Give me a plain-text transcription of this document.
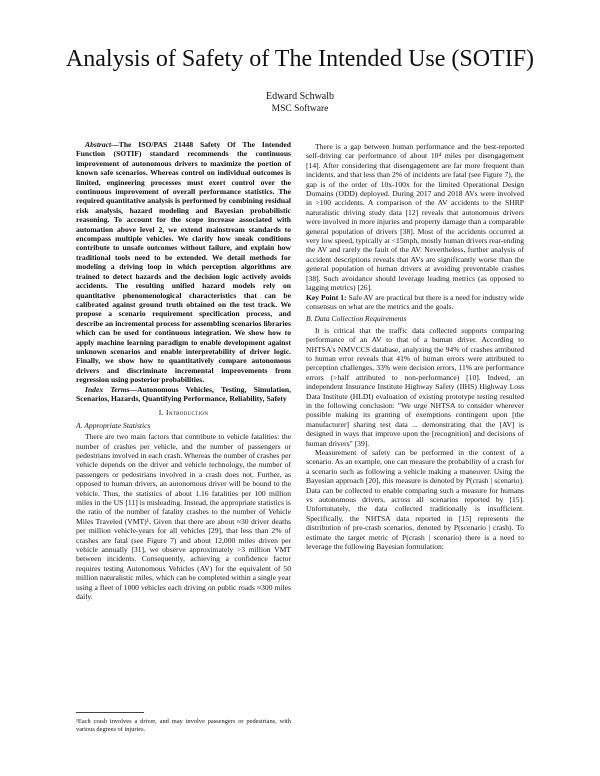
Analysis of Safety of The Intended Use (SOTIF)
Edward Schwalb
MSC Software

Abstract—The ISO/PAS 21448 Safety Of The Intended Function (SOTIF) standard recommends the continuous improvement of autonomous drivers to maximize the portion of known safe scenarios. Whereas control on individual outcomes is limited, engineering processes must exert control over the continuous improvement of overall performance statistics. The required quantitative analysis is performed by combining residual risk analysis, hazard modeling and Bayesian probabilistic reasoning. To account for the scope increase associated with automation above level 2, we extend mainstream standards to encompass multiple vehicles. We clarify how sneak conditions contribute to unsafe outcomes without failure, and explain how traditional tools need to be extended. We detail methods for modeling a driving loop in which perception algorithms are trained to detect hazards and the decision logic actively avoids accidents. The resulting unified hazard models rely on quantitative phenomenological characteristics that can be calibrated against ground truth obtained on the test track. We propose a scenario requirement specification process, and describe an incremental process for assembling scenarios libraries which can be used for continuous integration. We show how to apply machine learning paradigm to enable development against unknown scenarios and enable interpretability of driver logic. Finally, we show how to quantitatively compare autonomous drivers and discriminate incremental improvements from regression using posterior probabilities.

Index Terms—Autonomous Vehicles, Testing, Simulation, Scenarios, Hazards, Quantifying Performance, Reliability, Safety

I. Introduction
A. Appropriate Statistics

There are two main factors that contribute to vehicle fatalities: the number of crashes per vehicle, and the number of passengers or pedestrians involved in each crash. Whereas the number of crashes per vehicle depends on the driver and vehicle technology, the number of passengers or pedestrians involved in a crash does not. Further, as opposed to human drivers, an autonomous driver will be bound to the vehicle. Thus, the statistics of about 1.16 fatalities per 100 million miles in the US [11] is misleading. Instead, the appropriate statistics is the ratio of the number of fatality crashes to the number of Vehicle Miles Traveled (VMT)¹. Given that there are about ≈30 driver deaths per million vehicle-years for all vehicles [29], that less than 2% of crashes are fatal (see Figure 7) and about 12,000 miles driven per vehicle annually [31], we observe approximately >3 million VMT between incidents. Consequently, achieving a confidence factor requires testing Autonomous Vehicles (AV) for the equivalent of 50 million naturalistic miles, which can be completed within a single year using a fleet of 1000 vehicles each driving on public roads ≈300 miles daily.

¹Each crash involves a driver, and may involve passengers or pedestrians, with various degrees of injuries.

There is a gap between human performance and the best-reported self-driving car performance of about 10⁴ miles per disengagement [14]. After considering that disengagement are far more frequent than incidents, and that less than 2% of incidents are fatal (see Figure 7), the gap is of the order of 10x-100x for the limited Operational Design Domains (ODD) deployed. During 2017 and 2018 AVs were involved in >100 accidents. A comparison of the AV accidents to the SHRP naturalistic driving study data [12] reveals that autonomous drivers were involved in more injuries and property damage than a comparable general population of drivers [38]. Most of the accidents occurred at very low speed, typically at <15mph, mostly human drivers rear-ending the AV and rarely the fault of the AV. Nevertheless, further analysis of accident descriptions reveals that AVs are significantly worse than the general population of human drivers at avoiding preventable crashes [38]. Such avoidance should leverage leading metrics (as opposed to lagging metrics) [26].

Key Point 1: Safe AV are practical but there is a need for industry wide consensus on what are the metrics and the goals.

B. Data Collection Requirements

It is critical that the traffic data collected supports comparing performance of an AV to that of a human driver. According to NHTSA's NMVCCS database, analyzing the 94% of crashes attributed to human error reveals that 41% of human errors were attributed to perception challenges, 33% were decision errors, 11% are performance errors (>half attributed to non-performance) [10]. Indeed, an independent Insurance Institute Highway Safety (IIHS) Highway Loss Data Institute (HLDI) evaluation of existing prototype testing resulted in the following conclusion: "We urge NHTSA to consider wherever possible making its granting of exemptions contingent upon [the manufacturer] sharing test data ... demonstrating that the [AV] is designed in ways that improve upon the [recognition] and decisions of human drivers" [39].

Measurement of safety can be performed in the context of a scenario. As an example, one can measure the probability of a crash for a scenario such as following a vehicle making a maneuver. Using the Bayesian approach [20], this measure is denoted by P(crash | scenario). Data can be collected to enable comparing such a measure for humans vs autonomous drivers, across all scenarios reported by [15]. Unfortunately, the data collected traditionally is insufficient. Specifically, the NHTSA data reported in [15] represents the distribution of pre-crash scenarios, denoted by P(scenario | crash). To estimate the target metric of P(crash | scenario) there is a need to leverage the following Bayesian formulation:
